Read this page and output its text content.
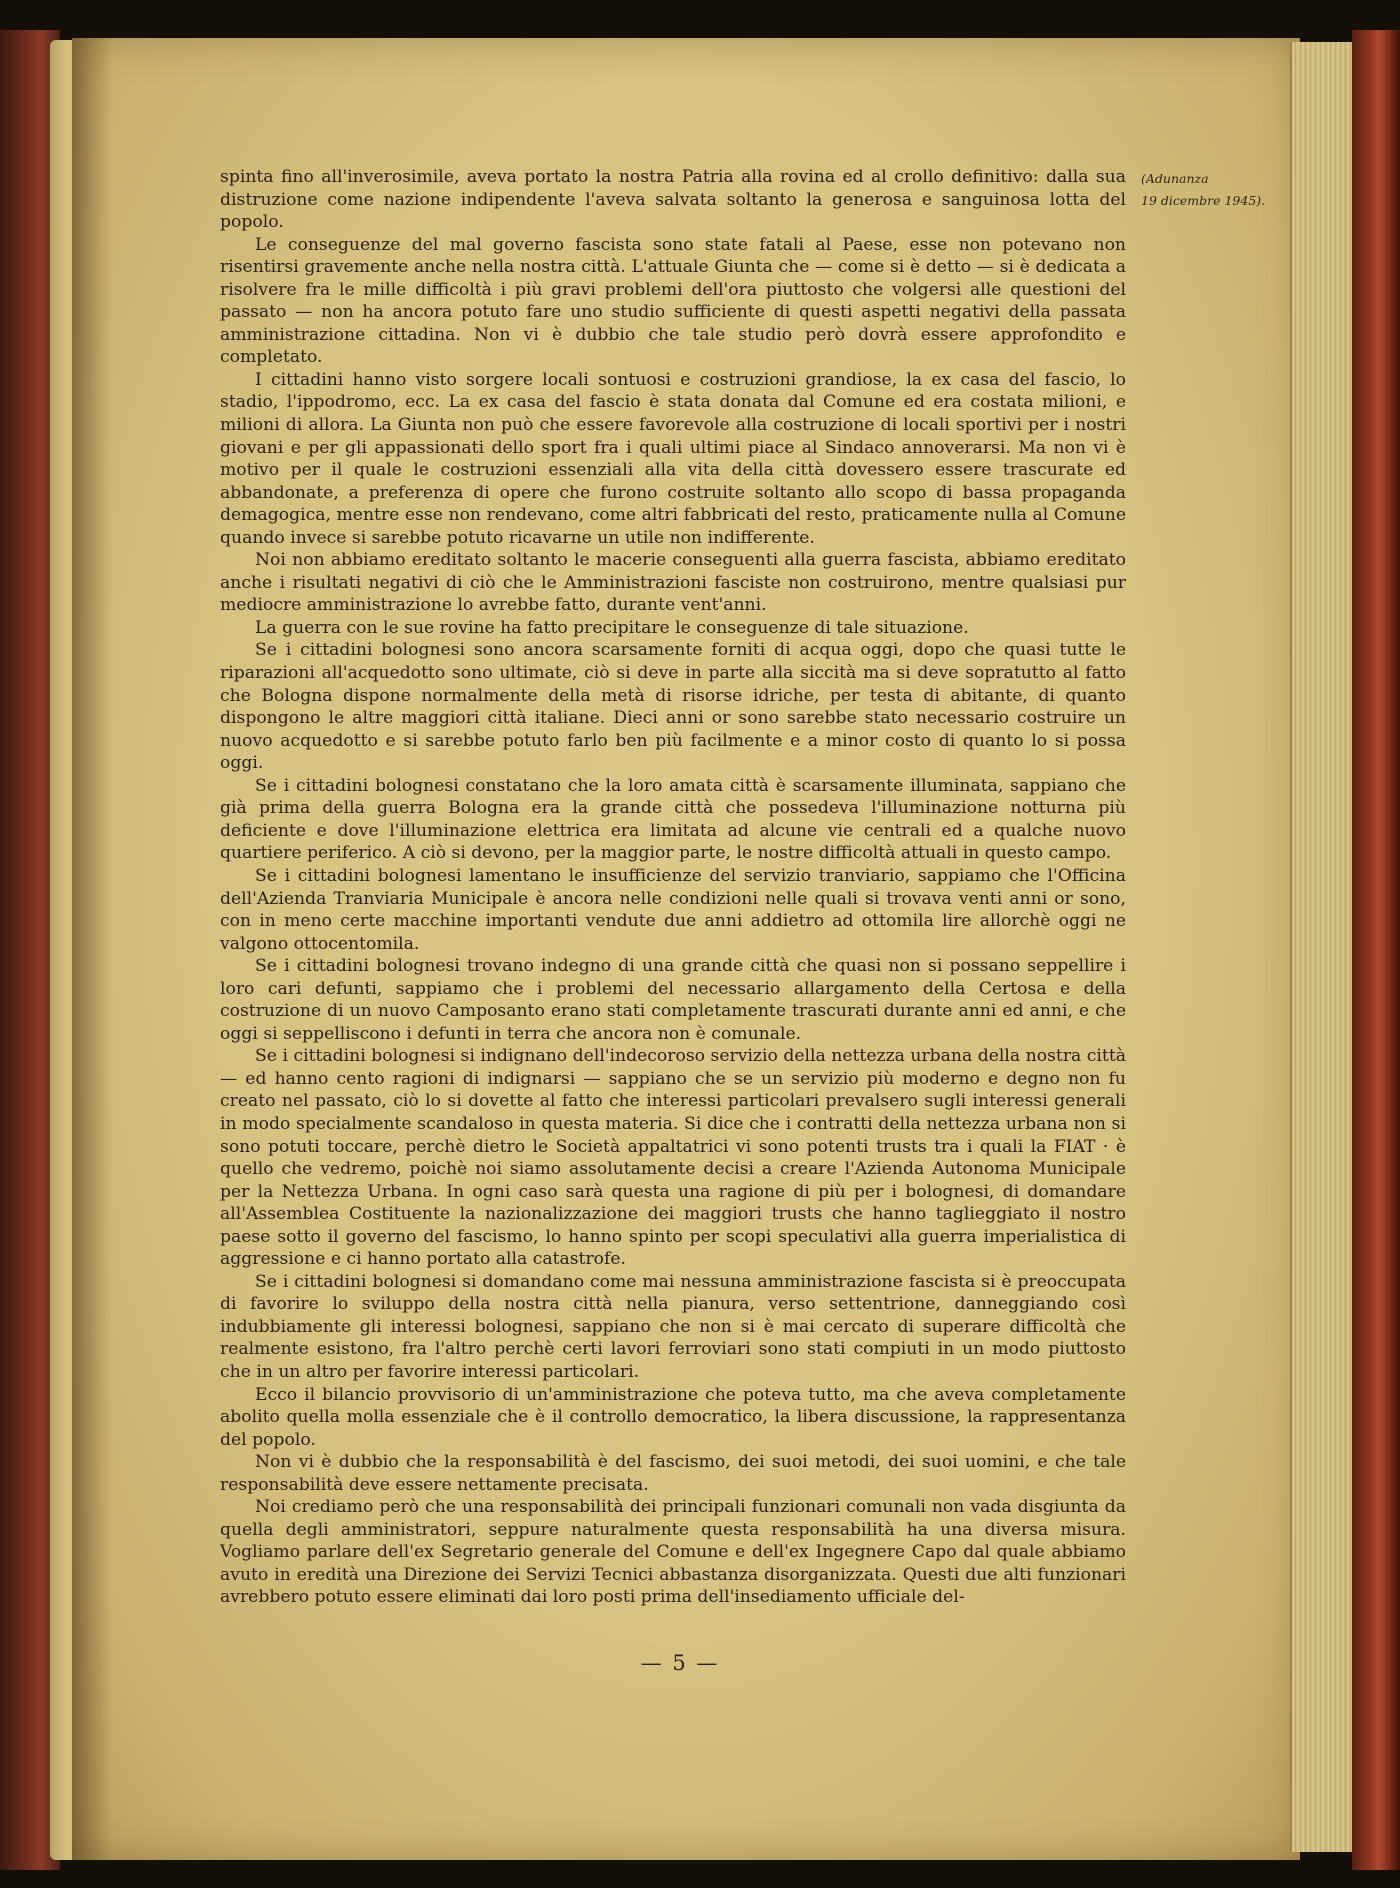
(Adunanza
19 dicembre 1945).

spinta fino all'inverosimile, aveva portato la nostra Patria alla rovina ed al crollo definitivo: dalla sua distruzione come nazione indipendente l'aveva salvata soltanto la generosa e sanguinosa lotta del popolo.

Le conseguenze del mal governo fascista sono state fatali al Paese, esse non potevano non risentirsi gravemente anche nella nostra città. L'attuale Giunta che — come si è detto — si è dedicata a risolvere fra le mille difficoltà i più gravi problemi dell'ora piuttosto che volgersi alle questioni del passato — non ha ancora potuto fare uno studio sufficiente di questi aspetti negativi della passata amministrazione cittadina. Non vi è dubbio che tale studio però dovrà essere approfondito e completato.

I cittadini hanno visto sorgere locali sontuosi e costruzioni grandiose, la ex casa del fascio, lo stadio, l'ippodromo, ecc. La ex casa del fascio è stata donata dal Comune ed era costata milioni, e milioni di allora. La Giunta non può che essere favorevole alla costruzione di locali sportivi per i nostri giovani e per gli appassionati dello sport fra i quali ultimi piace al Sindaco annoverarsi. Ma non vi è motivo per il quale le costruzioni essenziali alla vita della città dovessero essere trascurate ed abbandonate, a preferenza di opere che furono costruite soltanto allo scopo di bassa propaganda demagogica, mentre esse non rendevano, come altri fabbricati del resto, praticamente nulla al Comune quando invece si sarebbe potuto ricavarne un utile non indifferente.

Noi non abbiamo ereditato soltanto le macerie conseguenti alla guerra fascista, abbiamo ereditato anche i risultati negativi di ciò che le Amministrazioni fasciste non costruirono, mentre qualsiasi pur mediocre amministrazione lo avrebbe fatto, durante vent'anni.

La guerra con le sue rovine ha fatto precipitare le conseguenze di tale situazione.

Se i cittadini bolognesi sono ancora scarsamente forniti di acqua oggi, dopo che quasi tutte le riparazioni all'acquedotto sono ultimate, ciò si deve in parte alla siccità ma si deve sopratutto al fatto che Bologna dispone normalmente della metà di risorse idriche, per testa di abitante, di quanto dispongono le altre maggiori città italiane. Dieci anni or sono sarebbe stato necessario costruire un nuovo acquedotto e si sarebbe potuto farlo ben più facilmente e a minor costo di quanto lo si possa oggi.

Se i cittadini bolognesi constatano che la loro amata città è scarsamente illuminata, sappiano che già prima della guerra Bologna era la grande città che possedeva l'illuminazione notturna più deficiente e dove l'illuminazione elettrica era limitata ad alcune vie centrali ed a qualche nuovo quartiere periferico. A ciò si devono, per la maggior parte, le nostre difficoltà attuali in questo campo.

Se i cittadini bolognesi lamentano le insufficienze del servizio tranviario, sappiamo che l'Officina dell'Azienda Tranviaria Municipale è ancora nelle condizioni nelle quali si trovava venti anni or sono, con in meno certe macchine importanti vendute due anni addietro ad ottomila lire allorchè oggi ne valgono ottocentomila.

Se i cittadini bolognesi trovano indegno di una grande città che quasi non si possano seppellire i loro cari defunti, sappiamo che i problemi del necessario allargamento della Certosa e della costruzione di un nuovo Camposanto erano stati completamente trascurati durante anni ed anni, e che oggi si seppelliscono i defunti in terra che ancora non è comunale.

Se i cittadini bolognesi si indignano dell'indecoroso servizio della nettezza urbana della nostra città — ed hanno cento ragioni di indignarsi — sappiano che se un servizio più moderno e degno non fu creato nel passato, ciò lo si dovette al fatto che interessi particolari prevalsero sugli interessi generali in modo specialmente scandaloso in questa materia. Si dice che i contratti della nettezza urbana non si sono potuti toccare, perchè dietro le Società appaltatrici vi sono potenti trusts tra i quali la FIAT · è quello che vedremo, poichè noi siamo assolutamente decisi a creare l'Azienda Autonoma Municipale per la Nettezza Urbana. In ogni caso sarà questa una ragione di più per i bolognesi, di domandare all'Assemblea Costituente la nazionalizzazione dei maggiori trusts che hanno taglieggiato il nostro paese sotto il governo del fascismo, lo hanno spinto per scopi speculativi alla guerra imperialistica di aggressione e ci hanno portato alla catastrofe.

Se i cittadini bolognesi si domandano come mai nessuna amministrazione fascista si è preoccupata di favorire lo sviluppo della nostra città nella pianura, verso settentrione, danneggiando così indubbiamente gli interessi bolognesi, sappiano che non si è mai cercato di superare difficoltà che realmente esistono, fra l'altro perchè certi lavori ferroviari sono stati compiuti in un modo piuttosto che in un altro per favorire interessi particolari.

Ecco il bilancio provvisorio di un'amministrazione che poteva tutto, ma che aveva completamente abolito quella molla essenziale che è il controllo democratico, la libera discussione, la rappresentanza del popolo.

Non vi è dubbio che la responsabilità è del fascismo, dei suoi metodi, dei suoi uomini, e che tale responsabilità deve essere nettamente precisata.

Noi crediamo però che una responsabilità dei principali funzionari comunali non vada disgiunta da quella degli amministratori, seppure naturalmente questa responsabilità ha una diversa misura. Vogliamo parlare dell'ex Segretario generale del Comune e dell'ex Ingegnere Capo dal quale abbiamo avuto in eredità una Direzione dei Servizi Tecnici abbastanza disorganizzata. Questi due alti funzionari avrebbero potuto essere eliminati dai loro posti prima dell'insediamento ufficiale del-

— 5 —
